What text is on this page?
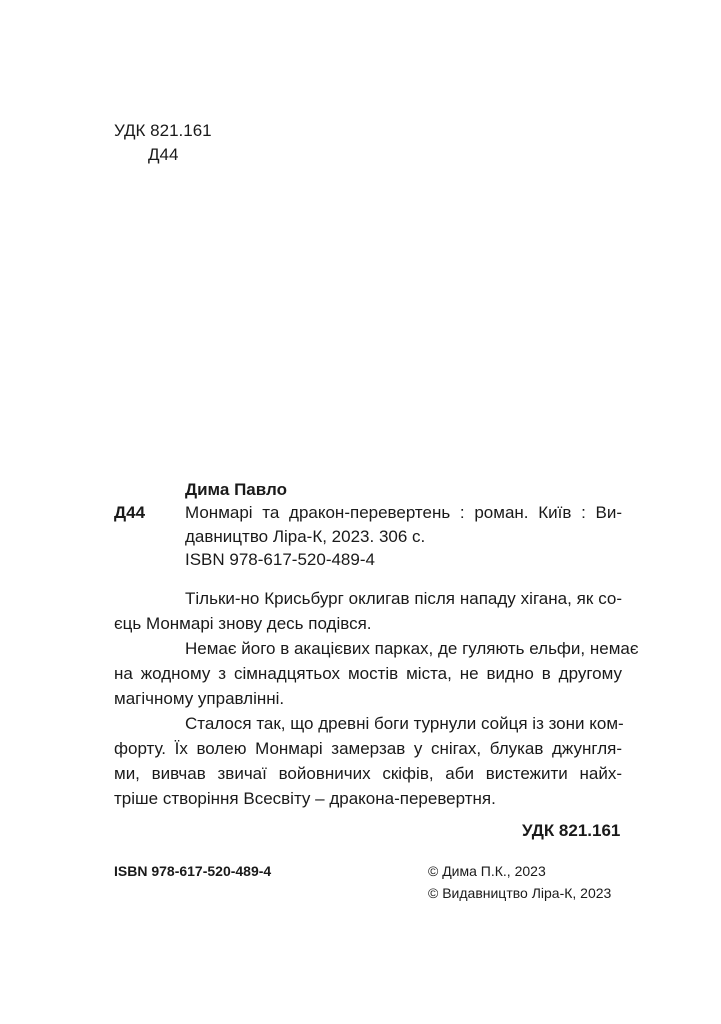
УДК 821.161
Д44
Дима Павло
Д44 Монмарі та дракон-перевертень : роман. Київ : Ви-
давництво Ліра-К, 2023. 306 с.
ISBN 978-617-520-489-4
Тільки-но Крисьбург оклигав після нападу хігана, як со-
єць Монмарі знову десь подівся.
Немає його в акацієвих парках, де гуляють ельфи, немає
на жодному з сімнадцятьох мостів міста, не видно в другому
магічному управлінні.
Сталося так, що древні боги турнули сойця із зони ком-
форту. Їх волею Монмарі замерзав у снігах, блукав джунгля-
ми, вивчав звичаї войовничих скіфів, аби вистежити найх-
тріше створіння Всесвіту – дракона-перевертня.
УДК 821.161
ISBN 978-617-520-489-4	© Дима П.К., 2023
© Видавництво Ліра-К, 2023
